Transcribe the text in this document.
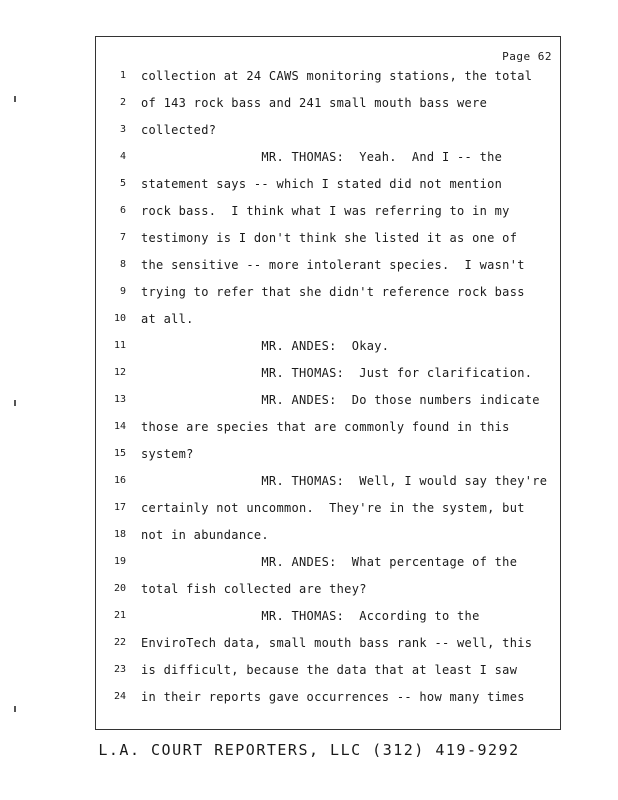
Page 62
1 collection at 24 CAWS monitoring stations, the total
2 of 143 rock bass and 241 small mouth bass were
3 collected?
4 MR. THOMAS:  Yeah.  And I -- the
5 statement says -- which I stated did not mention
6 rock bass.  I think what I was referring to in my
7 testimony is I don't think she listed it as one of
8 the sensitive -- more intolerant species.  I wasn't
9 trying to refer that she didn't reference rock bass
10 at all.
11 MR. ANDES:  Okay.
12 MR. THOMAS:  Just for clarification.
13 MR. ANDES:  Do those numbers indicate
14 those are species that are commonly found in this
15 system?
16 MR. THOMAS:  Well, I would say they're
17 certainly not uncommon.  They're in the system, but
18 not in abundance.
19 MR. ANDES:  What percentage of the
20 total fish collected are they?
21 MR. THOMAS:  According to the
22 EnviroTech data, small mouth bass rank -- well, this
23 is difficult, because the data that at least I saw
24 in their reports gave occurrences -- how many times
L.A. COURT REPORTERS, LLC (312) 419-9292
